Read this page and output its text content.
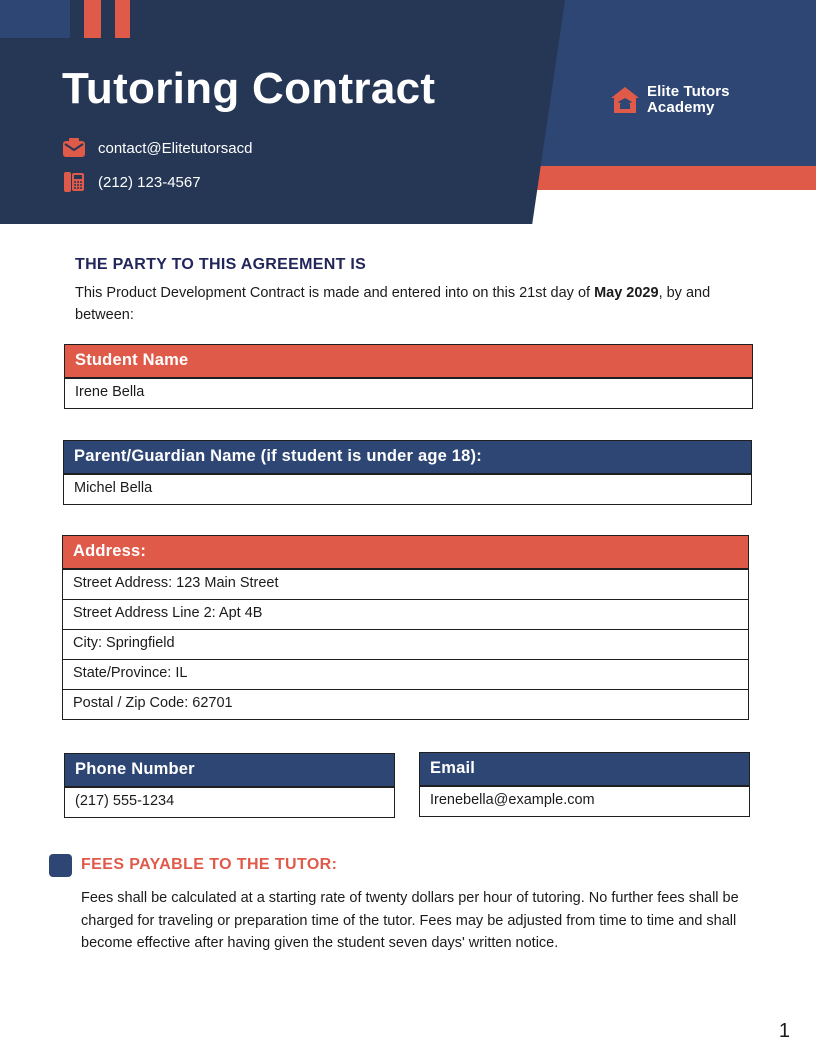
Tutoring Contract
contact@Elitetutorsacd
(212) 123-4567
Elite Tutors
Academy
THE PARTY TO THIS AGREEMENT IS
This Product Development Contract is made and entered into on this 21st day of May 2029, by and between:
Student Name
Irene Bella
Parent/Guardian Name (if student is under age 18):
Michel Bella
Address:
Street Address: 123 Main Street
Street Address Line 2: Apt 4B
City: Springfield
State/Province: IL
Postal / Zip Code: 62701
Phone Number
(217) 555-1234
Email
Irenebella@example.com
FEES PAYABLE TO THE TUTOR:
Fees shall be calculated at a starting rate of twenty dollars per hour of tutoring. No further fees shall be charged for traveling or preparation time of the tutor. Fees may be adjusted from time to time and shall become effective after having given the student seven days' written notice.
1
